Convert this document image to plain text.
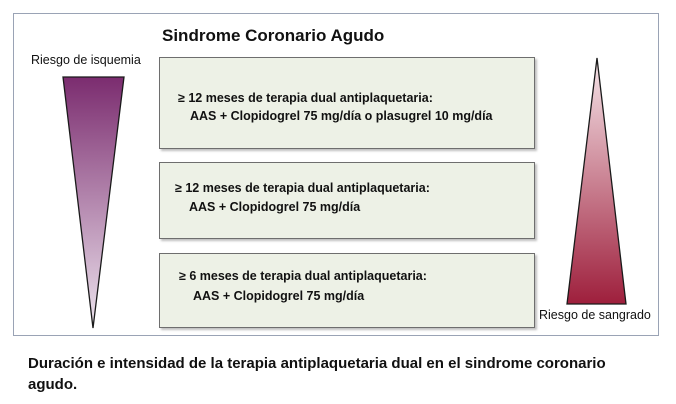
Sindrome Coronario Agudo
Riesgo de isquemia
≥ 12 meses de terapia dual antiplaquetaria:
AAS + Clopidogrel 75 mg/día o plasugrel 10 mg/día
≥ 12 meses de terapia dual antiplaquetaria:
AAS + Clopidogrel 75 mg/día
≥ 6 meses de terapia dual antiplaquetaria:
AAS + Clopidogrel 75 mg/día
Riesgo de sangrado
Duración e intensidad de la terapia antiplaquetaria dual en el sindrome coronario agudo.
